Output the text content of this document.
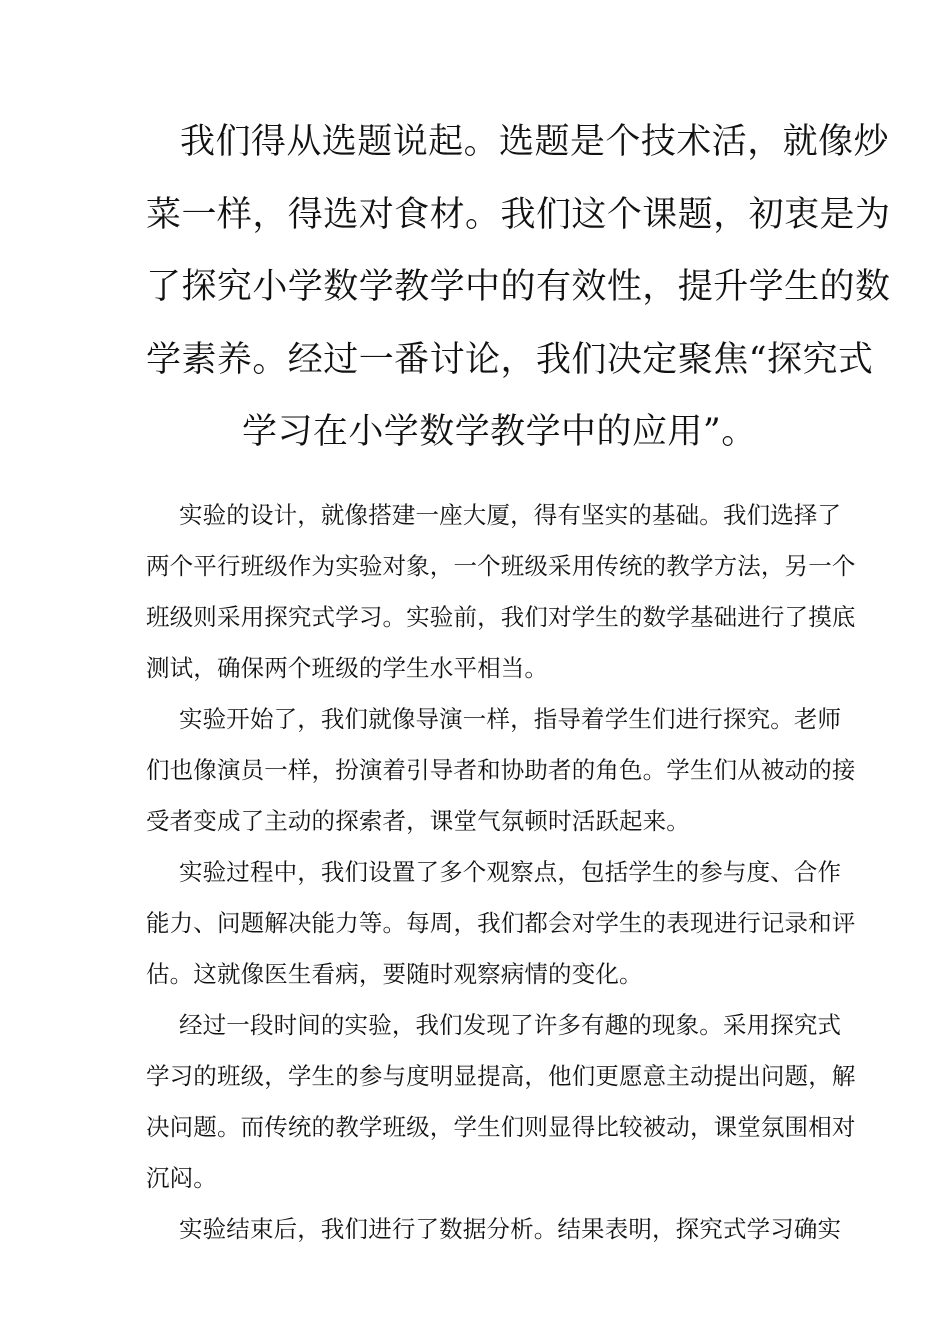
我们得从选题说起。选题是个技术活，就像炒
菜一样，得选对食材。我们这个课题，初衷是为
了探究小学数学教学中的有效性，提升学生的数
学素养。经过一番讨论，我们决定聚焦“探究式
学习在小学数学教学中的应用”。
实验的设计，就像搭建一座大厦，得有坚实的基础。我们选择了
两个平行班级作为实验对象，一个班级采用传统的教学方法，另一个
班级则采用探究式学习。实验前，我们对学生的数学基础进行了摸底
测试，确保两个班级的学生水平相当。
实验开始了，我们就像导演一样，指导着学生们进行探究。老师
们也像演员一样，扮演着引导者和协助者的角色。学生们从被动的接
受者变成了主动的探索者，课堂气氛顿时活跃起来。
实验过程中，我们设置了多个观察点，包括学生的参与度、合作
能力、问题解决能力等。每周，我们都会对学生的表现进行记录和评
估。这就像医生看病，要随时观察病情的变化。
经过一段时间的实验，我们发现了许多有趣的现象。采用探究式
学习的班级，学生的参与度明显提高，他们更愿意主动提出问题，解
决问题。而传统的教学班级，学生们则显得比较被动，课堂氛围相对
沉闷。
实验结束后，我们进行了数据分析。结果表明，探究式学习确实
